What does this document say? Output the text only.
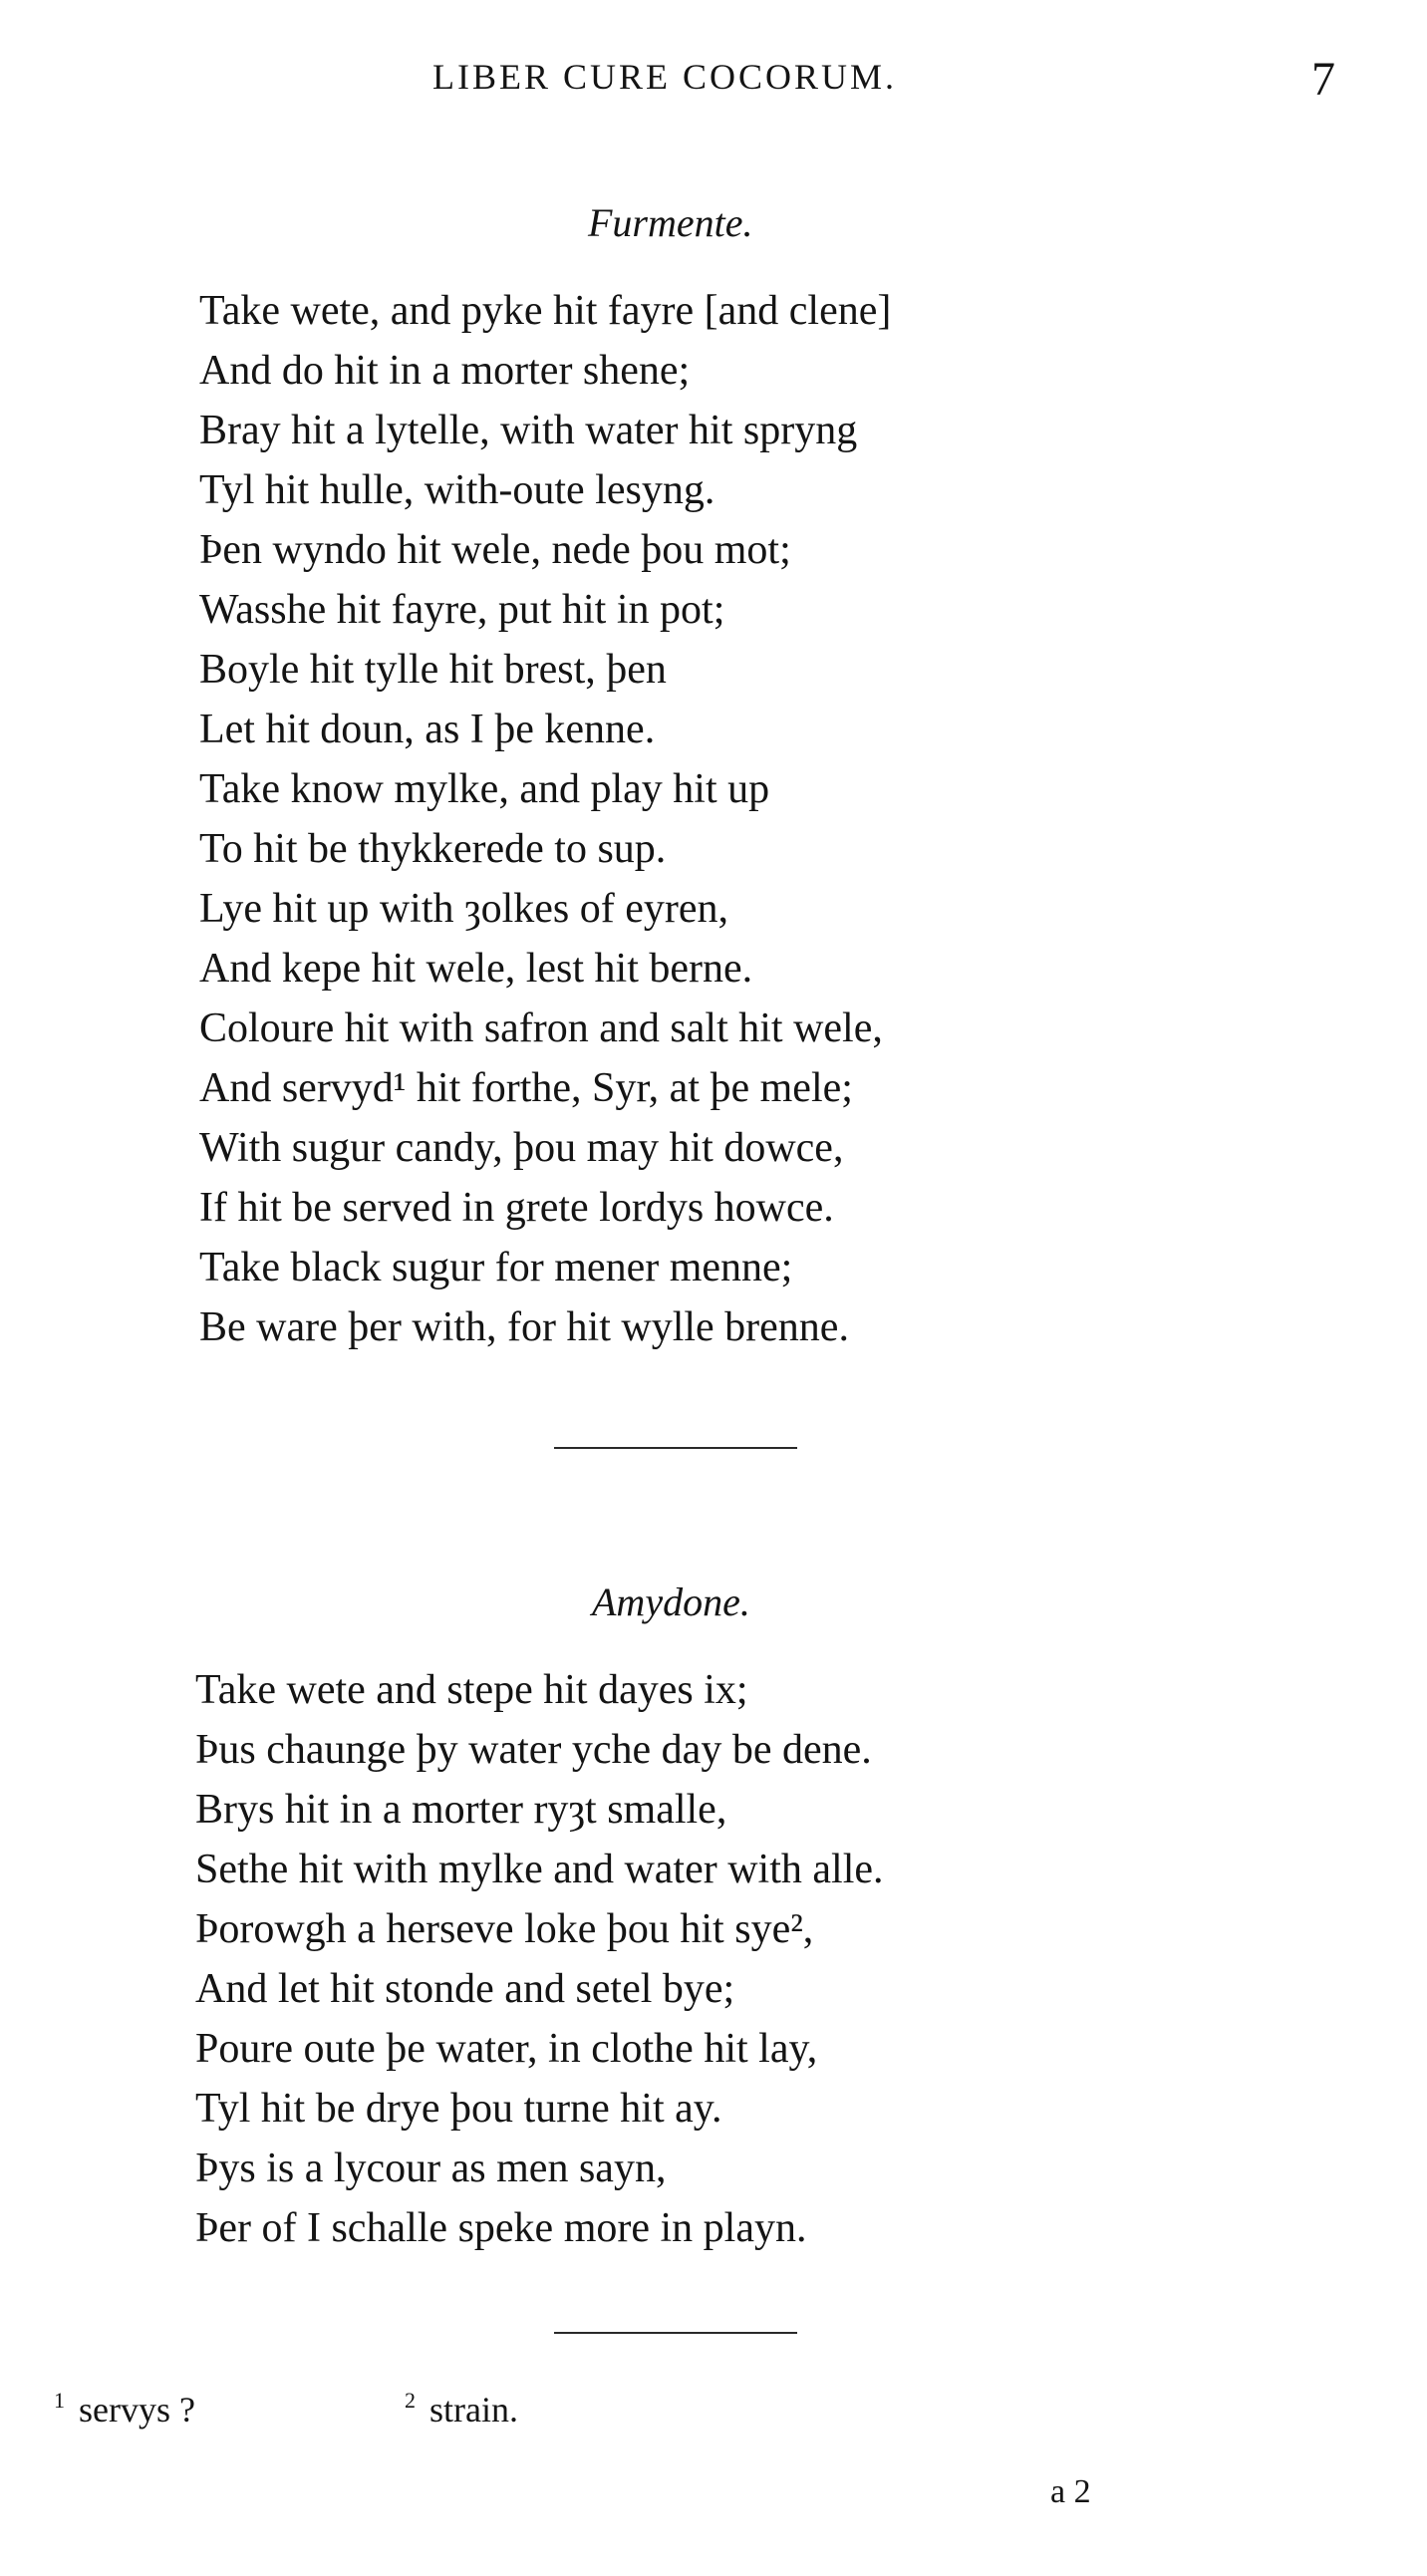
LIBER CURE COCORUM.	7
Furmente.
Take wete, and pyke hit fayre [and clene]
And do hit in a morter shene;
Bray hit a lytelle, with water hit spryng
Tyl hit hulle, with-oute lesyng.
Þen wyndo hit wele, nede þou mot;
Wasshe hit fayre, put hit in pot;
Boyle hit tylle hit brest, þen
Let hit doun, as I þe kenne.
Take know mylke, and play hit up
To hit be thykkerede to sup.
Lye hit up with ȝolkes of eyren,
And kepe hit wele, lest hit berne.
Coloure hit with safron and salt hit wele,
And servyd¹ hit forthe, Syr, at þe mele;
With sugur candy, þou may hit dowce,
If hit be served in grete lordys howce.
Take black sugur for mener menne;
Be ware þer with, for hit wylle brenne.
Amydone.
Take wete and stepe hit dayes ix;
Þus chaunge þy water yche day be dene.
Brys hit in a morter ryȝt smalle,
Sethe hit with mylke and water with alle.
Þorowgh a herseve loke þou hit sye²,
And let hit stonde and setel bye;
Poure oute þe water, in clothe hit lay,
Tyl hit be drye þou turne hit ay.
Þys is a lycour as men sayn,
Þer of I schalle speke more in playn.
$^1$ servys ?	$^2$ strain.
a 2
